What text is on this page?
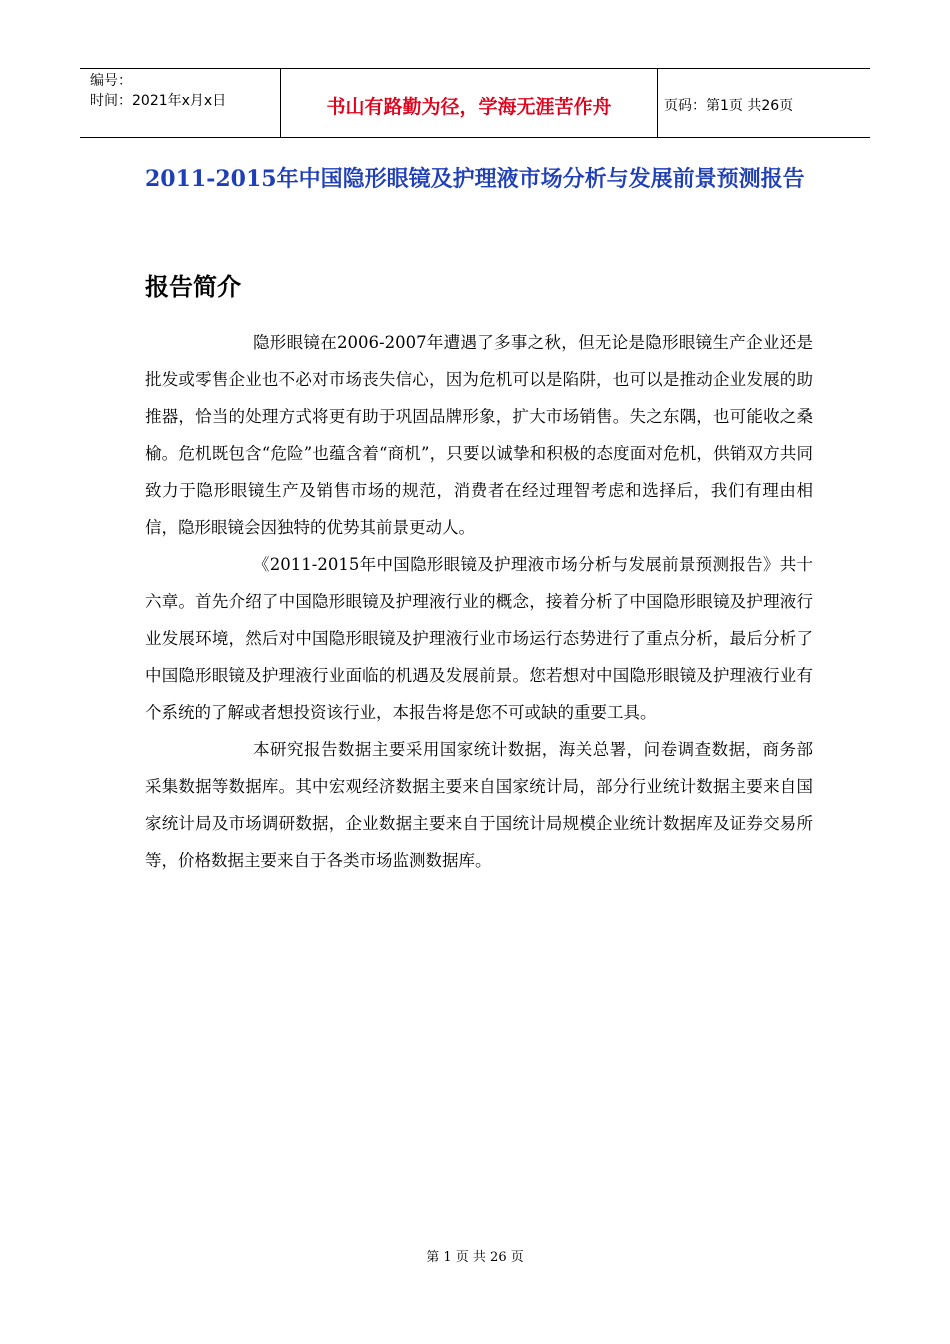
编号：
时间：2021年x月x日	书山有路勤为径，学海无涯苦作舟	页码：第1页 共26页
2011-2015年中国隐形眼镜及护理液市场分析与发展前景预测报告
报告简介

隐形眼镜在2006-2007年遭遇了多事之秋，但无论是隐形眼镜生产企业还是批发或零售企业也不必对市场丧失信心，因为危机可以是陷阱，也可以是推动企业发展的助推器，恰当的处理方式将更有助于巩固品牌形象，扩大市场销售。失之东隅，也可能收之桑榆。危机既包含“危险”也蕴含着“商机”，只要以诚挚和积极的态度面对危机，供销双方共同致力于隐形眼镜生产及销售市场的规范，消费者在经过理智考虑和选择后，我们有理由相信，隐形眼镜会因独特的优势其前景更动人。

《2011-2015年中国隐形眼镜及护理液市场分析与发展前景预测报告》共十六章。首先介绍了中国隐形眼镜及护理液行业的概念，接着分析了中国隐形眼镜及护理液行业发展环境，然后对中国隐形眼镜及护理液行业市场运行态势进行了重点分析，最后分析了中国隐形眼镜及护理液行业面临的机遇及发展前景。您若想对中国隐形眼镜及护理液行业有个系统的了解或者想投资该行业，本报告将是您不可或缺的重要工具。

本研究报告数据主要采用国家统计数据，海关总署，问卷调查数据，商务部采集数据等数据库。其中宏观经济数据主要来自国家统计局，部分行业统计数据主要来自国家统计局及市场调研数据，企业数据主要来自于国统计局规模企业统计数据库及证券交易所等，价格数据主要来自于各类市场监测数据库。

第 1 页 共 26 页
